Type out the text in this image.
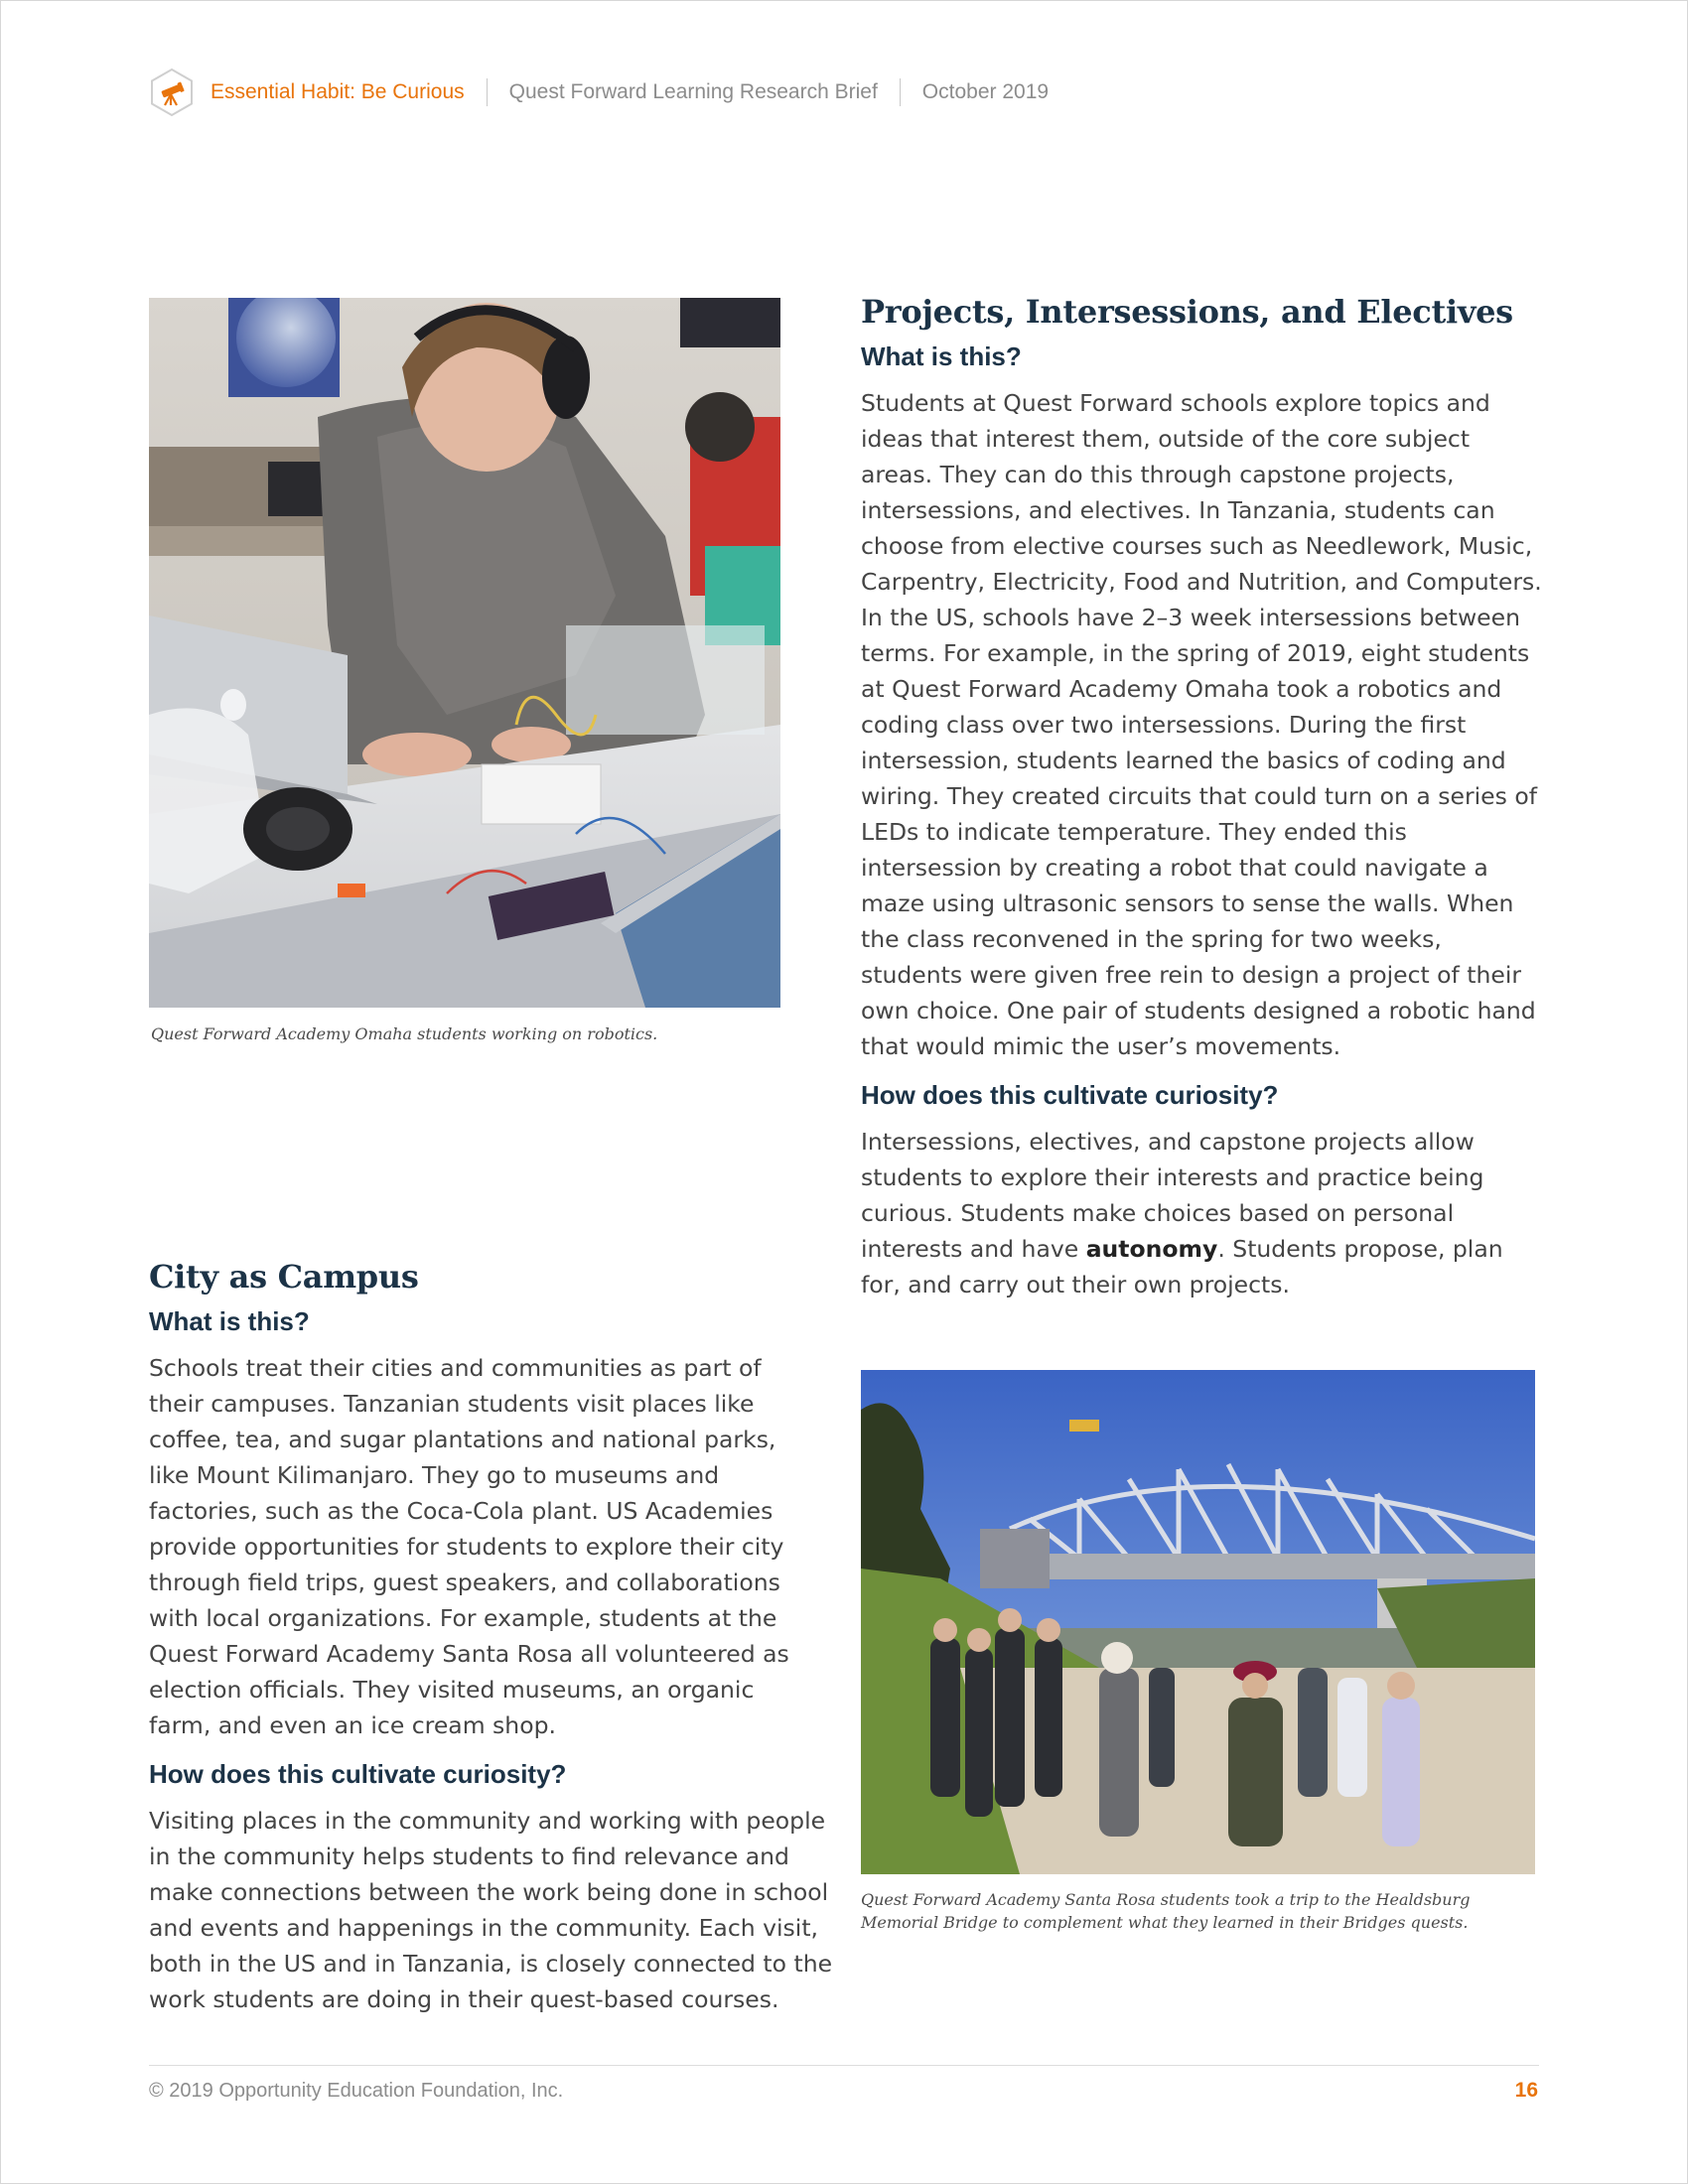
Essential Habit: Be Curious Quest Forward Learning Research Brief October 2019
Quest Forward Academy Omaha students working on robotics.
Projects, Intersessions, and Electives
What is this?

Students at Quest Forward schools explore topics and ideas that interest them, outside of the core subject areas. They can do this through capstone projects, intersessions, and electives. In Tanzania, students can choose from elective courses such as Needlework, Music, Carpentry, Electricity, Food and Nutrition, and Computers. In the US, schools have 2–3 week intersessions between terms. For example, in the spring of 2019, eight students at Quest Forward Academy Omaha took a robotics and coding class over two intersessions. During the first intersession, students learned the basics of coding and wiring. They created circuits that could turn on a series of LEDs to indicate temperature. They ended this intersession by creating a robot that could navigate a maze using ultrasonic sensors to sense the walls. When the class reconvened in the spring for two weeks, students were given free rein to design a project of their own choice. One pair of students designed a robotic hand that would mimic the user’s movements.

How does this cultivate curiosity?

Intersessions, electives, and capstone projects allow students to explore their interests and practice being curious. Students make choices based on personal interests and have autonomy. Students propose, plan for, and carry out their own projects.

City as Campus
What is this?

Schools treat their cities and communities as part of their campuses. Tanzanian students visit places like coffee, tea, and sugar plantations and national parks, like Mount Kilimanjaro. They go to museums and factories, such as the Coca-Cola plant. US Academies provide opportunities for students to explore their city through field trips, guest speakers, and collaborations with local organizations. For example, students at the Quest Forward Academy Santa Rosa all volunteered as election officials. They visited museums, an organic farm, and even an ice cream shop.

How does this cultivate curiosity?

Visiting places in the community and working with people in the community helps students to find relevance and make connections between the work being done in school and events and happenings in the community. Each visit, both in the US and in Tanzania, is closely connected to the work students are doing in their quest-based courses.

Quest Forward Academy Santa Rosa students took a trip to the Healdsburg Memorial Bridge to complement what they learned in their Bridges quests.
© 2019 Opportunity Education Foundation, Inc.	16
